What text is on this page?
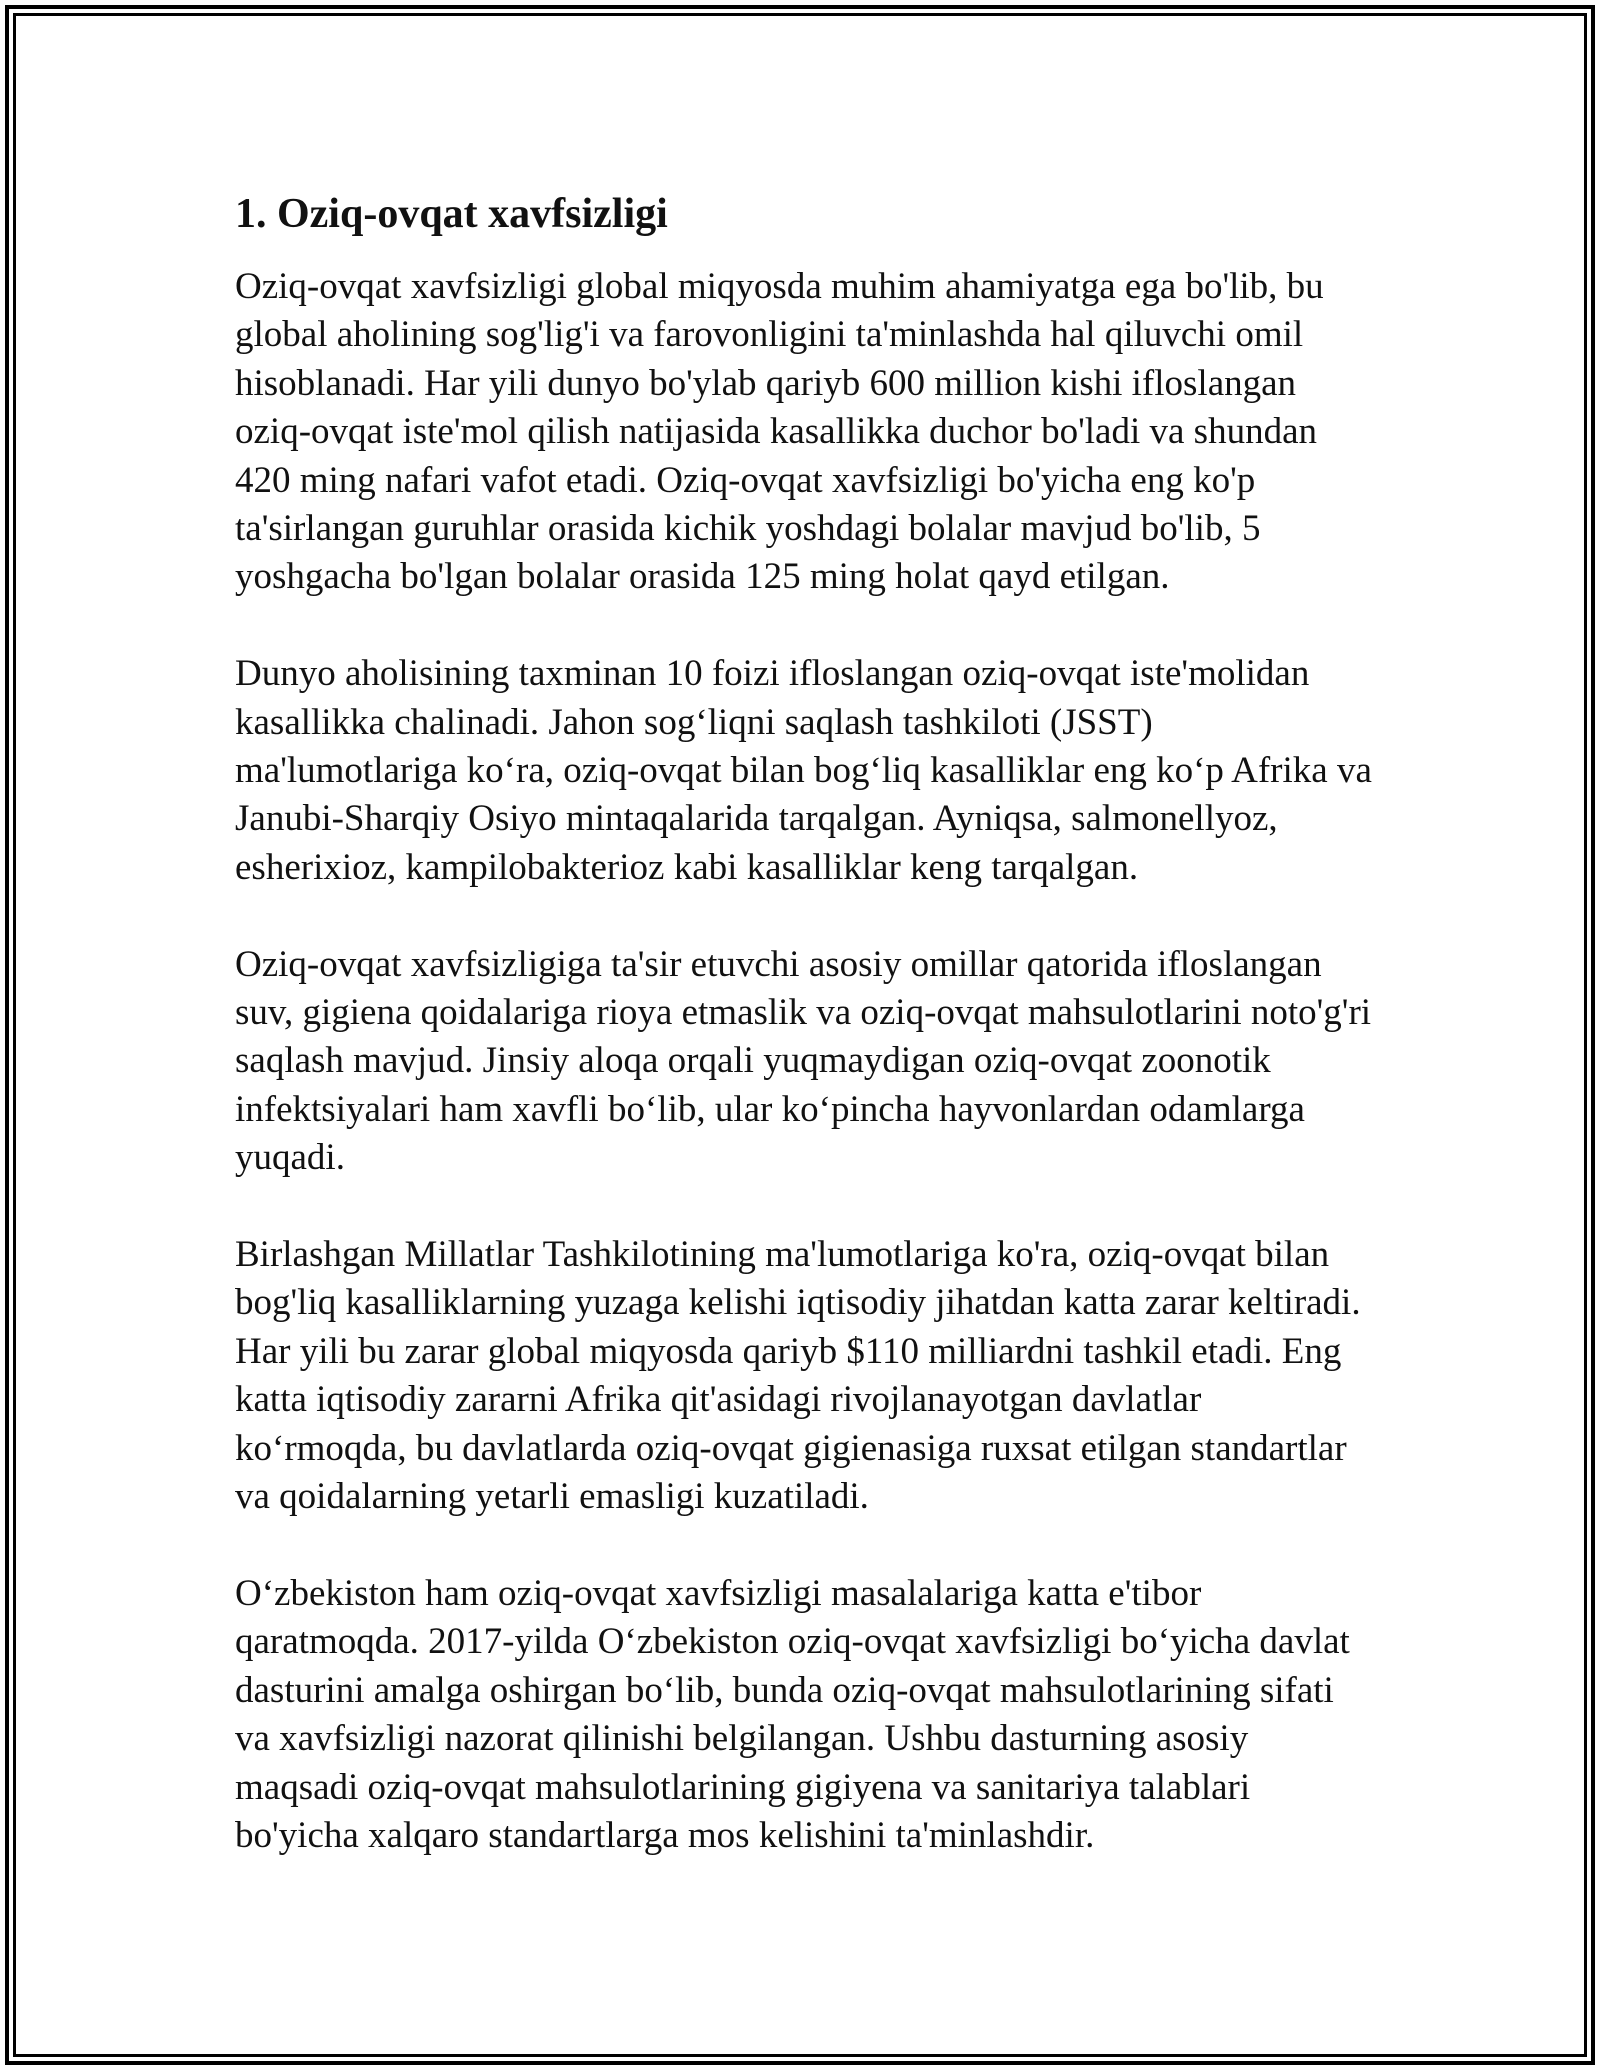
1. Oziq-ovqat xavfsizligi

Oziq-ovqat xavfsizligi global miqyosda muhim ahamiyatga ega bo'lib, bu
global aholining sog'lig'i va farovonligini ta'minlashda hal qiluvchi omil
hisoblanadi. Har yili dunyo bo'ylab qariyb 600 million kishi ifloslangan
oziq-ovqat iste'mol qilish natijasida kasallikka duchor bo'ladi va shundan
420 ming nafari vafot etadi. Oziq-ovqat xavfsizligi bo'yicha eng ko'p
ta'sirlangan guruhlar orasida kichik yoshdagi bolalar mavjud bo'lib, 5
yoshgacha bo'lgan bolalar orasida 125 ming holat qayd etilgan.

Dunyo aholisining taxminan 10 foizi ifloslangan oziq-ovqat iste'molidan
kasallikka chalinadi. Jahon sog‘liqni saqlash tashkiloti (JSST)
ma'lumotlariga ko‘ra, oziq-ovqat bilan bog‘liq kasalliklar eng ko‘p Afrika va
Janubi-Sharqiy Osiyo mintaqalarida tarqalgan. Ayniqsa, salmonellyoz,
esherixioz, kampilobakterioz kabi kasalliklar keng tarqalgan.

Oziq-ovqat xavfsizligiga ta'sir etuvchi asosiy omillar qatorida ifloslangan
suv, gigiena qoidalariga rioya etmaslik va oziq-ovqat mahsulotlarini noto'g'ri
saqlash mavjud. Jinsiy aloqa orqali yuqmaydigan oziq-ovqat zoonotik
infektsiyalari ham xavfli bo‘lib, ular ko‘pincha hayvonlardan odamlarga
yuqadi.

Birlashgan Millatlar Tashkilotining ma'lumotlariga ko'ra, oziq-ovqat bilan
bog'liq kasalliklarning yuzaga kelishi iqtisodiy jihatdan katta zarar keltiradi.
Har yili bu zarar global miqyosda qariyb $110 milliardni tashkil etadi. Eng
katta iqtisodiy zararni Afrika qit'asidagi rivojlanayotgan davlatlar
ko‘rmoqda, bu davlatlarda oziq-ovqat gigienasiga ruxsat etilgan standartlar
va qoidalarning yetarli emasligi kuzatiladi.

O‘zbekiston ham oziq-ovqat xavfsizligi masalalariga katta e'tibor
qaratmoqda. 2017-yilda O‘zbekiston oziq-ovqat xavfsizligi bo‘yicha davlat
dasturini amalga oshirgan bo‘lib, bunda oziq-ovqat mahsulotlarining sifati
va xavfsizligi nazorat qilinishi belgilangan. Ushbu dasturning asosiy
maqsadi oziq-ovqat mahsulotlarining gigiyena va sanitariya talablari
bo'yicha xalqaro standartlarga mos kelishini ta'minlashdir.
